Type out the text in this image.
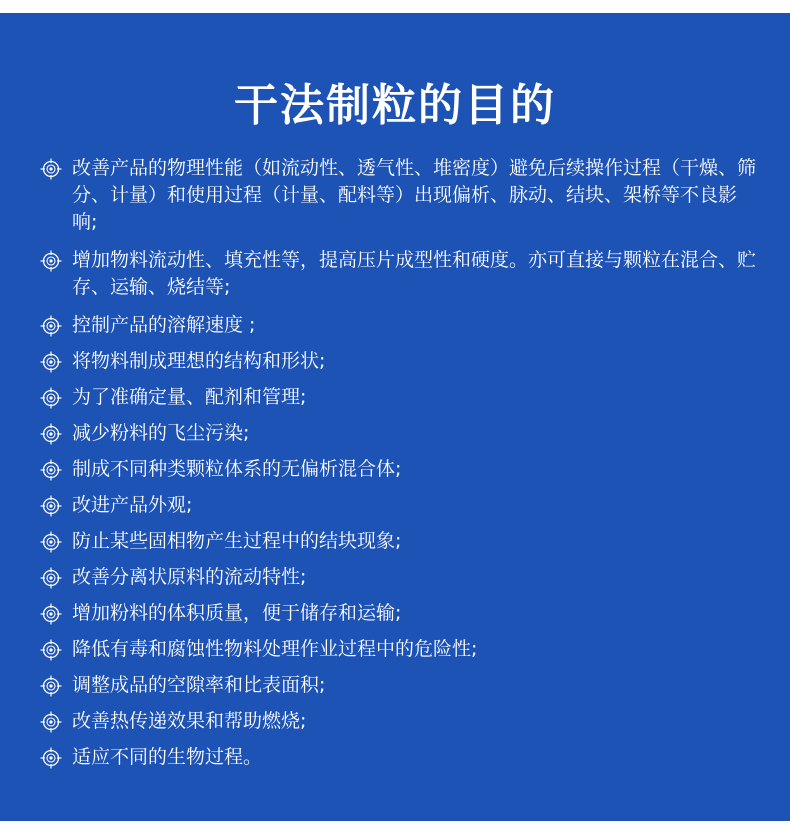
干法制粒的目的
改善产品的物理性能（如流动性、透气性、堆密度）避免后续操作过程（干燥、筛分、计量）和使用过程（计量、配料等）出现偏析、脉动、结块、架桥等不良影响;
增加物料流动性、填充性等，提高压片成型性和硬度。亦可直接与颗粒在混合、贮存、运输、烧结等;
控制产品的溶解速度 ;
将物料制成理想的结构和形状;
为了准确定量、配剂和管理;
减少粉料的飞尘污染;
制成不同种类颗粒体系的无偏析混合体;
改进产品外观;
防止某些固相物产生过程中的结块现象;
改善分离状原料的流动特性;
增加粉料的体积质量，便于储存和运输;
降低有毒和腐蚀性物料处理作业过程中的危险性;
调整成品的空隙率和比表面积;
改善热传递效果和帮助燃烧;
适应不同的生物过程。
